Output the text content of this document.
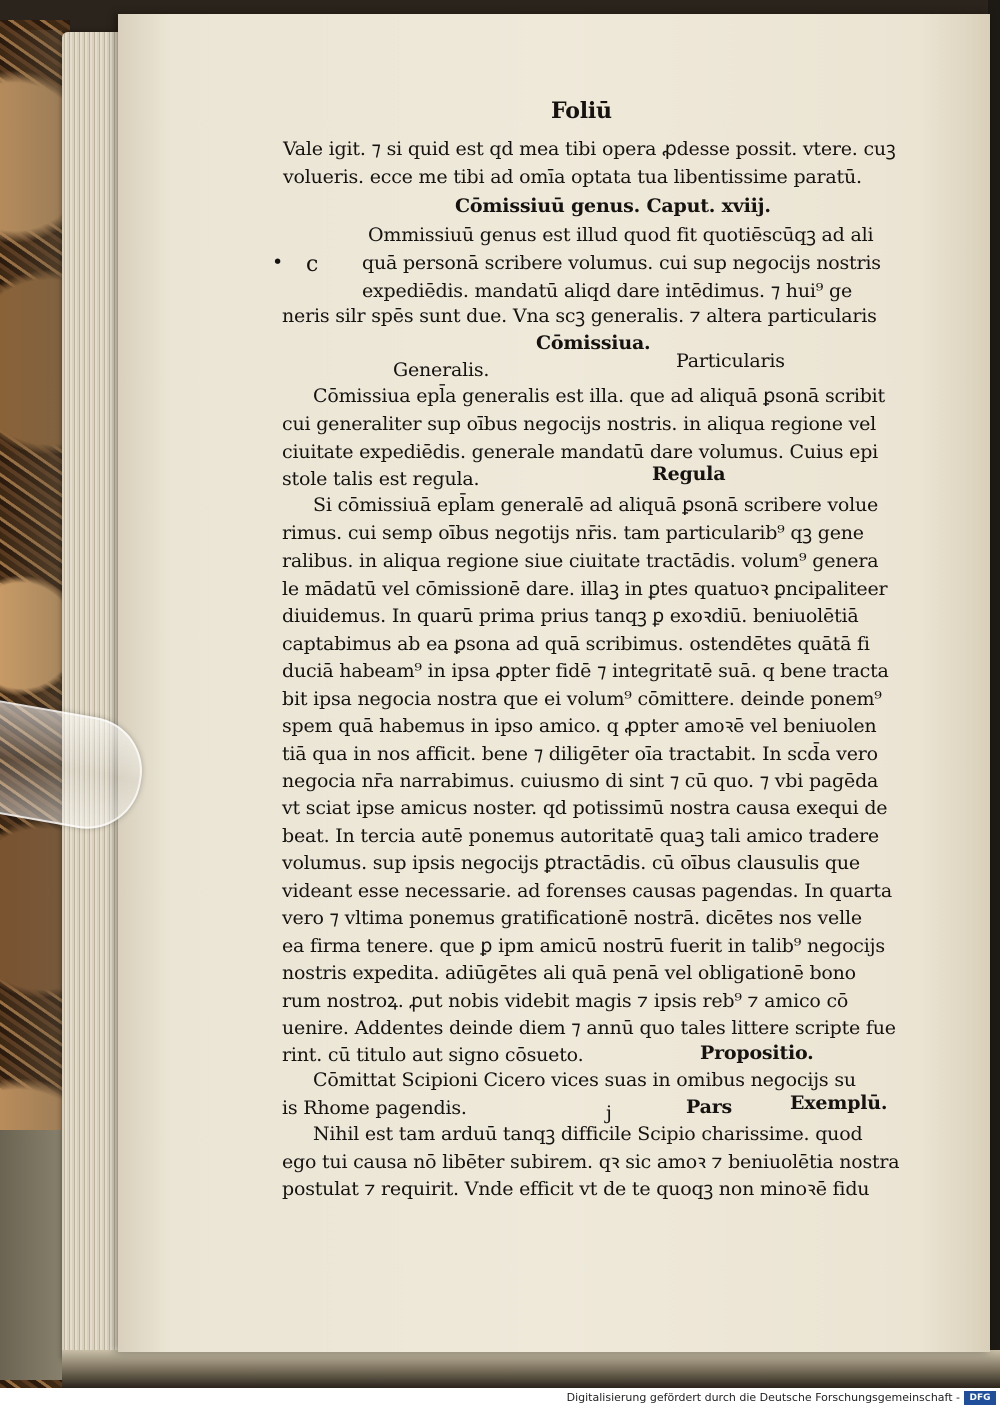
Foliū

Vale igit. ⁊ si quid est qd mea tibi opera ꝓdesse possit. vtere. cuꝫ

volueris. ecce me tibi ad omīa optata tua libentissime paratū.

Cōmissiuū genus. Caput. xviij.

Ommissiuū genus est illud quod fit quotiēscūqꝫ ad ali

• c quā personā scribere volumus. cui sup negocijs nostris

expediēdis. mandatū aliqd dare intēdimus. ⁊ hui⁹ ge

neris silr spēs sunt due. Vna scꝫ generalis. ⁊ altera particularis

Cōmissiua.

Generalis.	Particularis

Cōmissiua epl̄a generalis est illa. que ad aliquā ꝑsonā scribit

cui generaliter sup oībus negocijs nostris. in aliqua regione vel

ciuitate expediēdis. generale mandatū dare volumus. Cuius epi

stole talis est regula.	Regula

Si cōmissiuā epl̄am generalē ad aliquā ꝑsonā scribere volue

rimus. cui semp oībus negotijs nr̄is. tam particularib⁹ qꝫ gene

ralibus. in aliqua regione siue ciuitate tractādis. volum⁹ genera

le mādatū vel cōmissionē dare. illaꝫ in ꝑtes quatuoꝛ ꝑncipaliteer

diuidemus. In quarū prima prius tanqꝫ ꝑ exoꝛdiū. beniuolētiā

captabimus ab ea ꝑsona ad quā scribimus. ostendētes quātā fi

duciā habeam⁹ in ipsa ꝓpter fidē ⁊ integritatē suā. q bene tracta

bit ipsa negocia nostra que ei volum⁹ cōmittere. deinde ponem⁹

spem quā habemus in ipso amico. q ꝓpter amoꝛē vel beniuolen

tiā qua in nos afficit. bene ⁊ diligēter oīa tractabit. In scd̄a vero

negocia nr̄a narrabimus. cuiusmo di sint ⁊ cū quo. ⁊ vbi pagēda

vt sciat ipse amicus noster. qd potissimū nostra causa exequi de

beat. In tercia autē ponemus autoritatē quaꝫ tali amico tradere

volumus. sup ipsis negocijs ꝑtractādis. cū oībus clausulis que

videant esse necessarie. ad forenses causas pagendas. In quarta

vero ⁊ vltima ponemus gratificationē nostrā. dicētes nos velle

ea firma tenere. que ꝑ ipm amicū nostrū fuerit in talib⁹ negocijs

nostris expedita. adiūgētes ali quā penā vel obligationē bono

rum nostroꝝ. ꝓut nobis videbit magis ⁊ ipsis reb⁹ ⁊ amico cō

uenire. Addentes deinde diem ⁊ annū quo tales littere scripte fue

rint. cū titulo aut signo cōsueto.	Propositio.

Cōmittat Scipioni Cicero vices suas in omibus negocijs su

is Rhome pagendis.	j	Pars	Exemplū.

Nihil est tam arduū tanqꝫ difficile Scipio charissime. quod

ego tui causa nō libēter subirem. qꝛ sic amoꝛ ⁊ beniuolētia nostra

postulat ⁊ requirit. Vnde efficit vt de te quoqꝫ non minoꝛē fidu

Digitalisierung gefördert durch die Deutsche Forschungsgemeinschaft -	DFG
